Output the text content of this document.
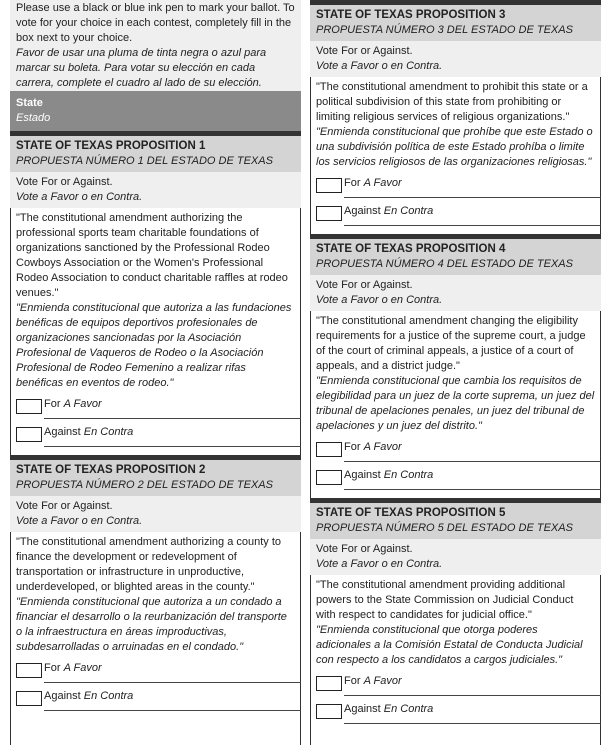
Please use a black or blue ink pen to mark your ballot. To vote for your choice in each contest, completely fill in the box next to your choice.

Favor de usar una pluma de tinta negra o azul para marcar su boleta. Para votar su elección en cada carrera, complete el cuadro al lado de su elección.

State
Estado
STATE OF TEXAS PROPOSITION 1
PROPUESTA NÚMERO 1 DEL ESTADO DE TEXAS
Vote For or Against.
Vote a Favor o en Contra.
"The constitutional amendment authorizing the professional sports team charitable foundations of organizations sanctioned by the Professional Rodeo Cowboys Association or the Women's Professional Rodeo Association to conduct charitable raffles at rodeo venues."
"Enmienda constitucional que autoriza a las fundaciones benéficas de equipos deportivos profesionales de organizaciones sancionadas por la Asociación Profesional de Vaqueros de Rodeo o la Asociación Profesional de Rodeo Femenino a realizar rifas benéficas en eventos de rodeo."
For A Favor
Against En Contra
STATE OF TEXAS PROPOSITION 2
PROPUESTA NÚMERO 2 DEL ESTADO DE TEXAS
Vote For or Against.
Vote a Favor o en Contra.
"The constitutional amendment authorizing a county to finance the development or redevelopment of transportation or infrastructure in unproductive, underdeveloped, or blighted areas in the county."
"Enmienda constitucional que autoriza a un condado a financiar el desarrollo o la reurbanización del transporte o la infraestructura en áreas improductivas, subdesarrolladas o arruinadas en el condado."
For A Favor
Against En Contra
STATE OF TEXAS PROPOSITION 3
PROPUESTA NÚMERO 3 DEL ESTADO DE TEXAS
Vote For or Against.
Vote a Favor o en Contra.
"The constitutional amendment to prohibit this state or a political subdivision of this state from prohibiting or limiting religious services of religious organizations."
"Enmienda constitucional que prohíbe que este Estado o una subdivisión política de este Estado prohíba o limite los servicios religiosos de las organizaciones religiosas."
For A Favor
Against En Contra
STATE OF TEXAS PROPOSITION 4
PROPUESTA NÚMERO 4 DEL ESTADO DE TEXAS
Vote For or Against.
Vote a Favor o en Contra.
"The constitutional amendment changing the eligibility requirements for a justice of the supreme court, a judge of the court of criminal appeals, a justice of a court of appeals, and a district judge."
"Enmienda constitucional que cambia los requisitos de elegibilidad para un juez de la corte suprema, un juez del tribunal de apelaciones penales, un juez del tribunal de apelaciones y un juez del distrito."
For A Favor
Against En Contra
STATE OF TEXAS PROPOSITION 5
PROPUESTA NÚMERO 5 DEL ESTADO DE TEXAS
Vote For or Against.
Vote a Favor o en Contra.
"The constitutional amendment providing additional powers to the State Commission on Judicial Conduct with respect to candidates for judicial office."
"Enmienda constitucional que otorga poderes adicionales a la Comisión Estatal de Conducta Judicial con respecto a los candidatos a cargos judiciales."
For A Favor
Against En Contra
